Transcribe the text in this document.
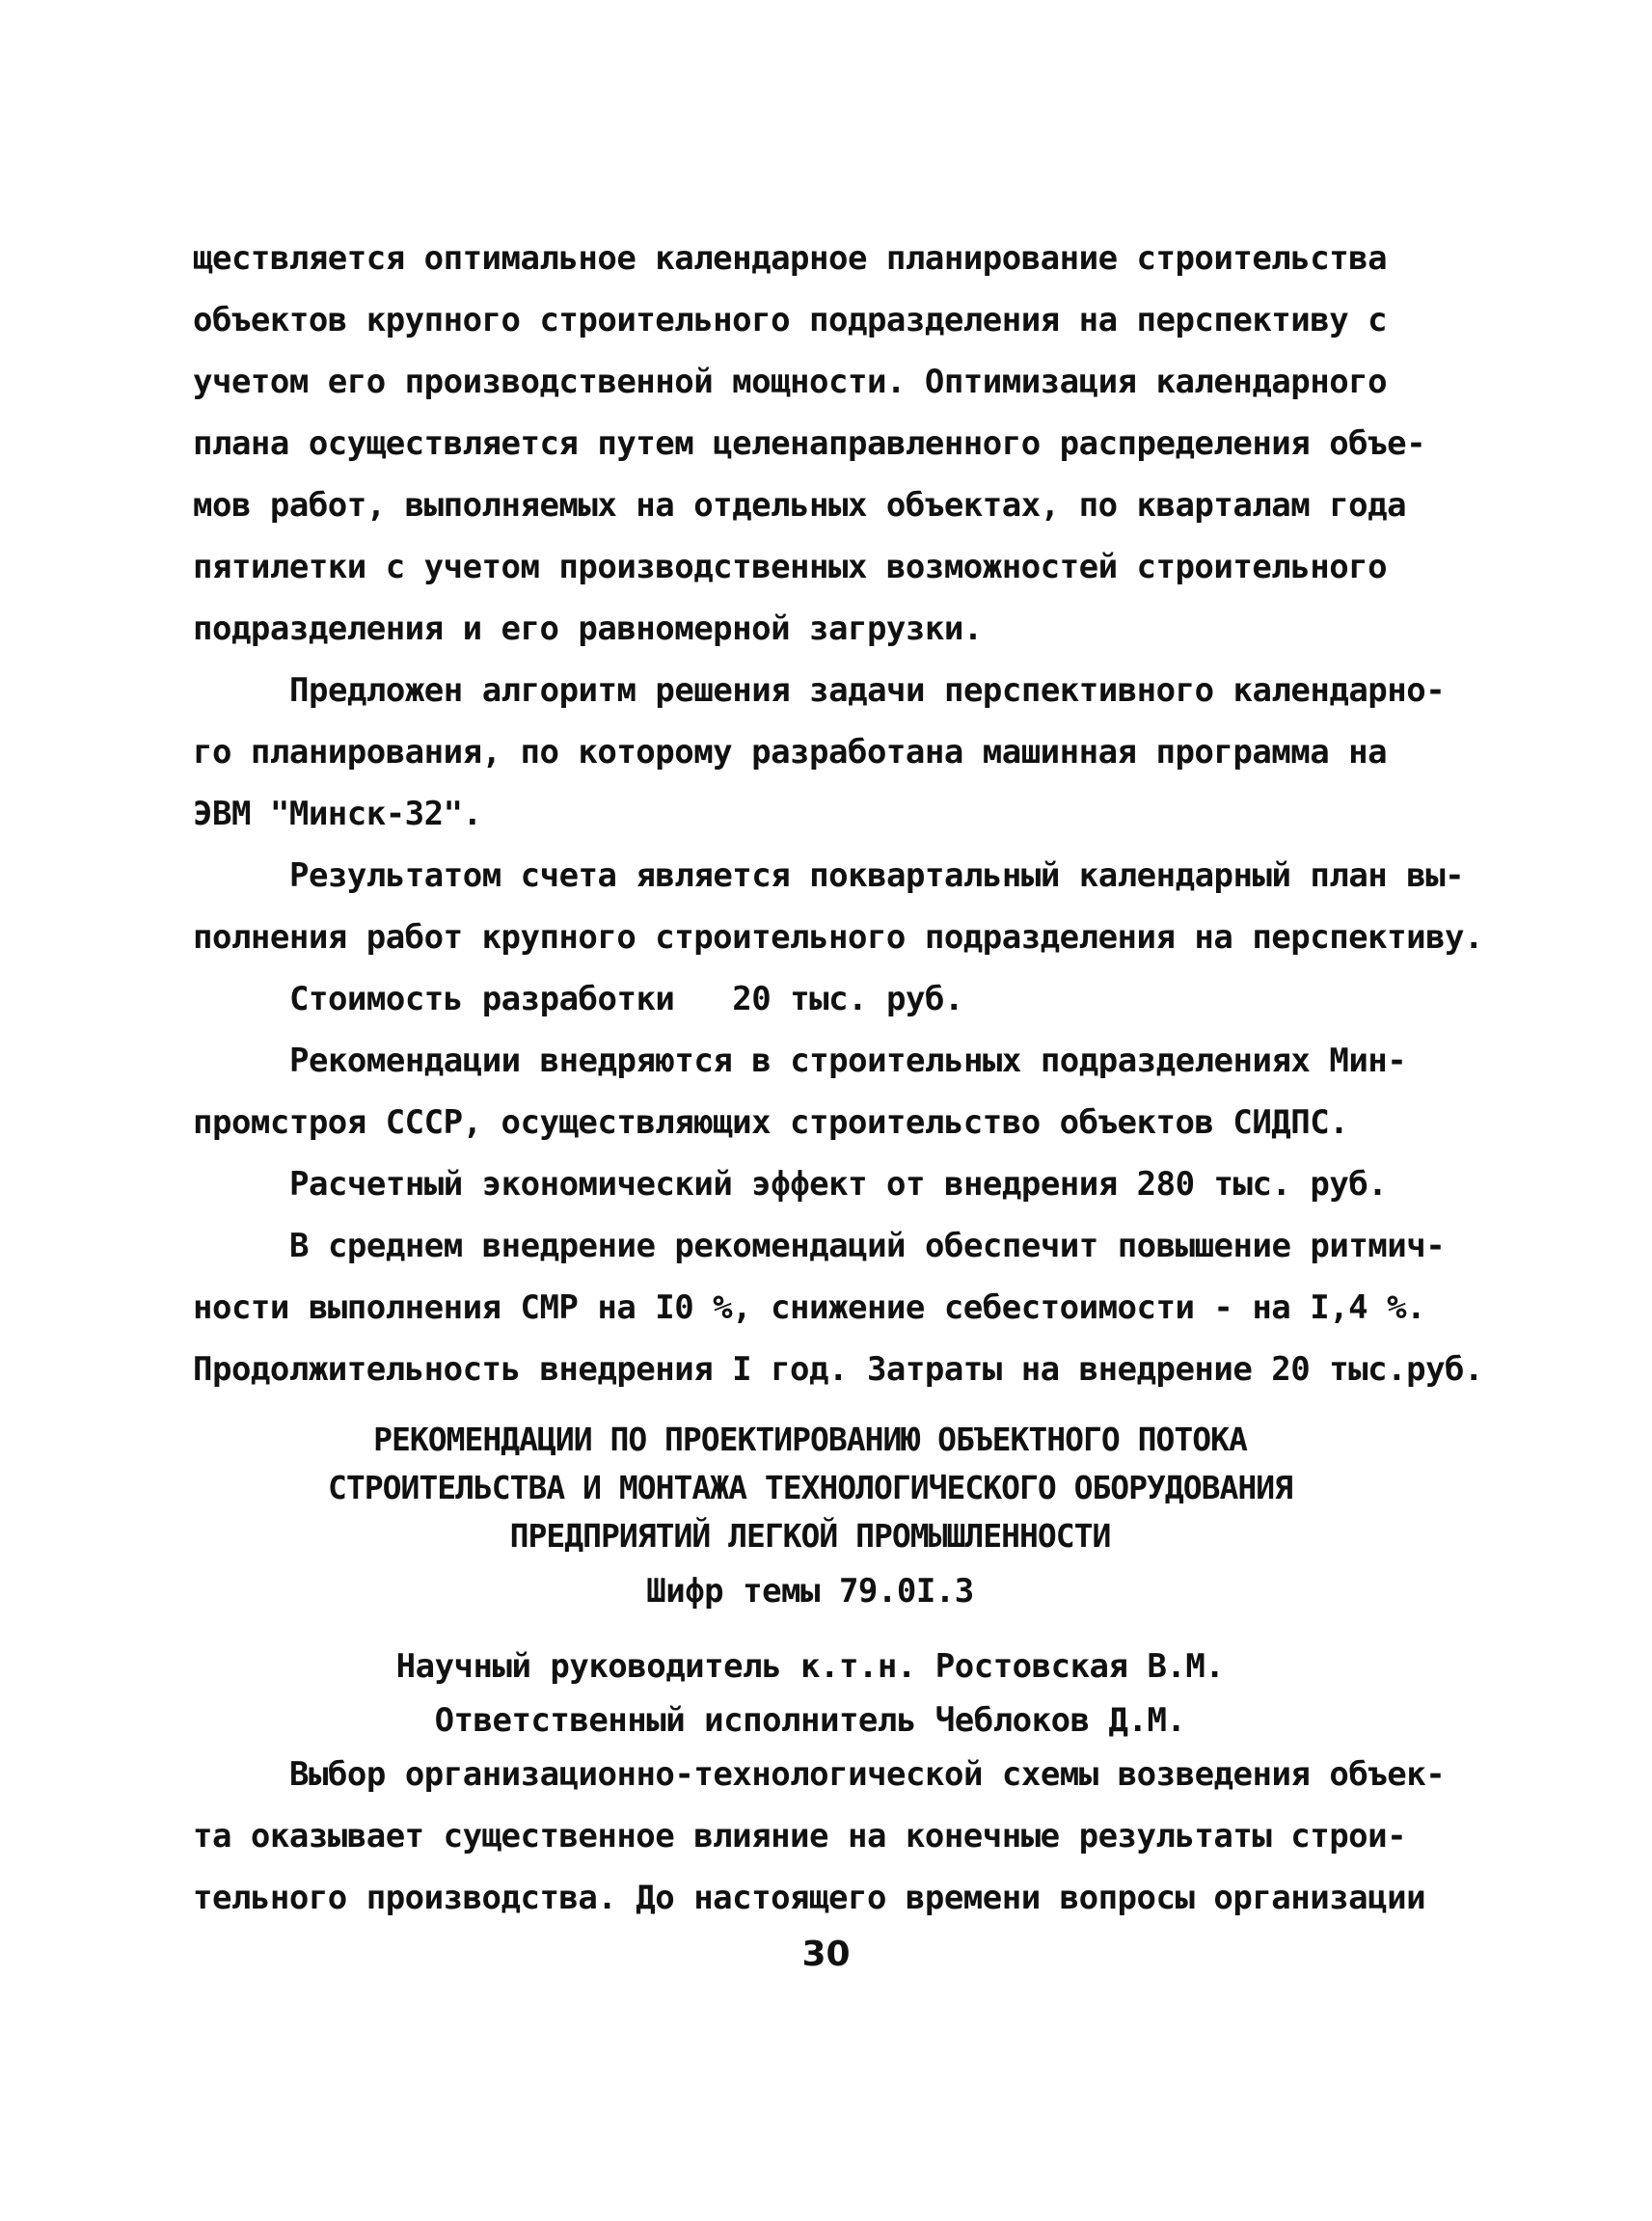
ществляется оптимальное календарное планирование строительства
объектов крупного строительного подразделения на перспективу с
учетом его производственной мощности. Оптимизация календарного
плана осуществляется путем целенаправленного распределения объе-
мов работ, выполняемых на отдельных объектах, по кварталам года
пятилетки с учетом производственных возможностей строительного
подразделения и его равномерной загрузки.
Предложен алгоритм решения задачи перспективного календарно-
го планирования, по которому разработана машинная программа на
ЭВМ "Минск-32".
Результатом счета является поквартальный календарный план вы-
полнения работ крупного строительного подразделения на перспективу.
Стоимость разработки   20 тыс. руб.
Рекомендации внедряются в строительных подразделениях Мин-
промстроя СССР, осуществляющих строительство объектов СИДПС.
Расчетный экономический эффект от внедрения 280 тыс. руб.
В среднем внедрение рекомендаций обеспечит повышение ритмич-
ности выполнения СМР на I0 %, снижение себестоимости - на I,4 %.
Продолжительность внедрения I год. Затраты на внедрение 20 тыс.руб.
РЕКОМЕНДАЦИИ ПО ПРОЕКТИРОВАНИЮ ОБЪЕКТНОГО ПОТОКА
СТРОИТЕЛЬСТВА И МОНТАЖА ТЕХНОЛОГИЧЕСКОГО ОБОРУДОВАНИЯ
ПРЕДПРИЯТИЙ ЛЕГКОЙ ПРОМЫШЛЕННОСТИ
Шифр темы 79.0I.3
Научный руководитель к.т.н. Ростовская В.М.
Ответственный исполнитель Чеблоков Д.М.
Выбор организационно-технологической схемы возведения объек-
та оказывает существенное влияние на конечные результаты строи-
тельного производства. До настоящего времени вопросы организации
30
